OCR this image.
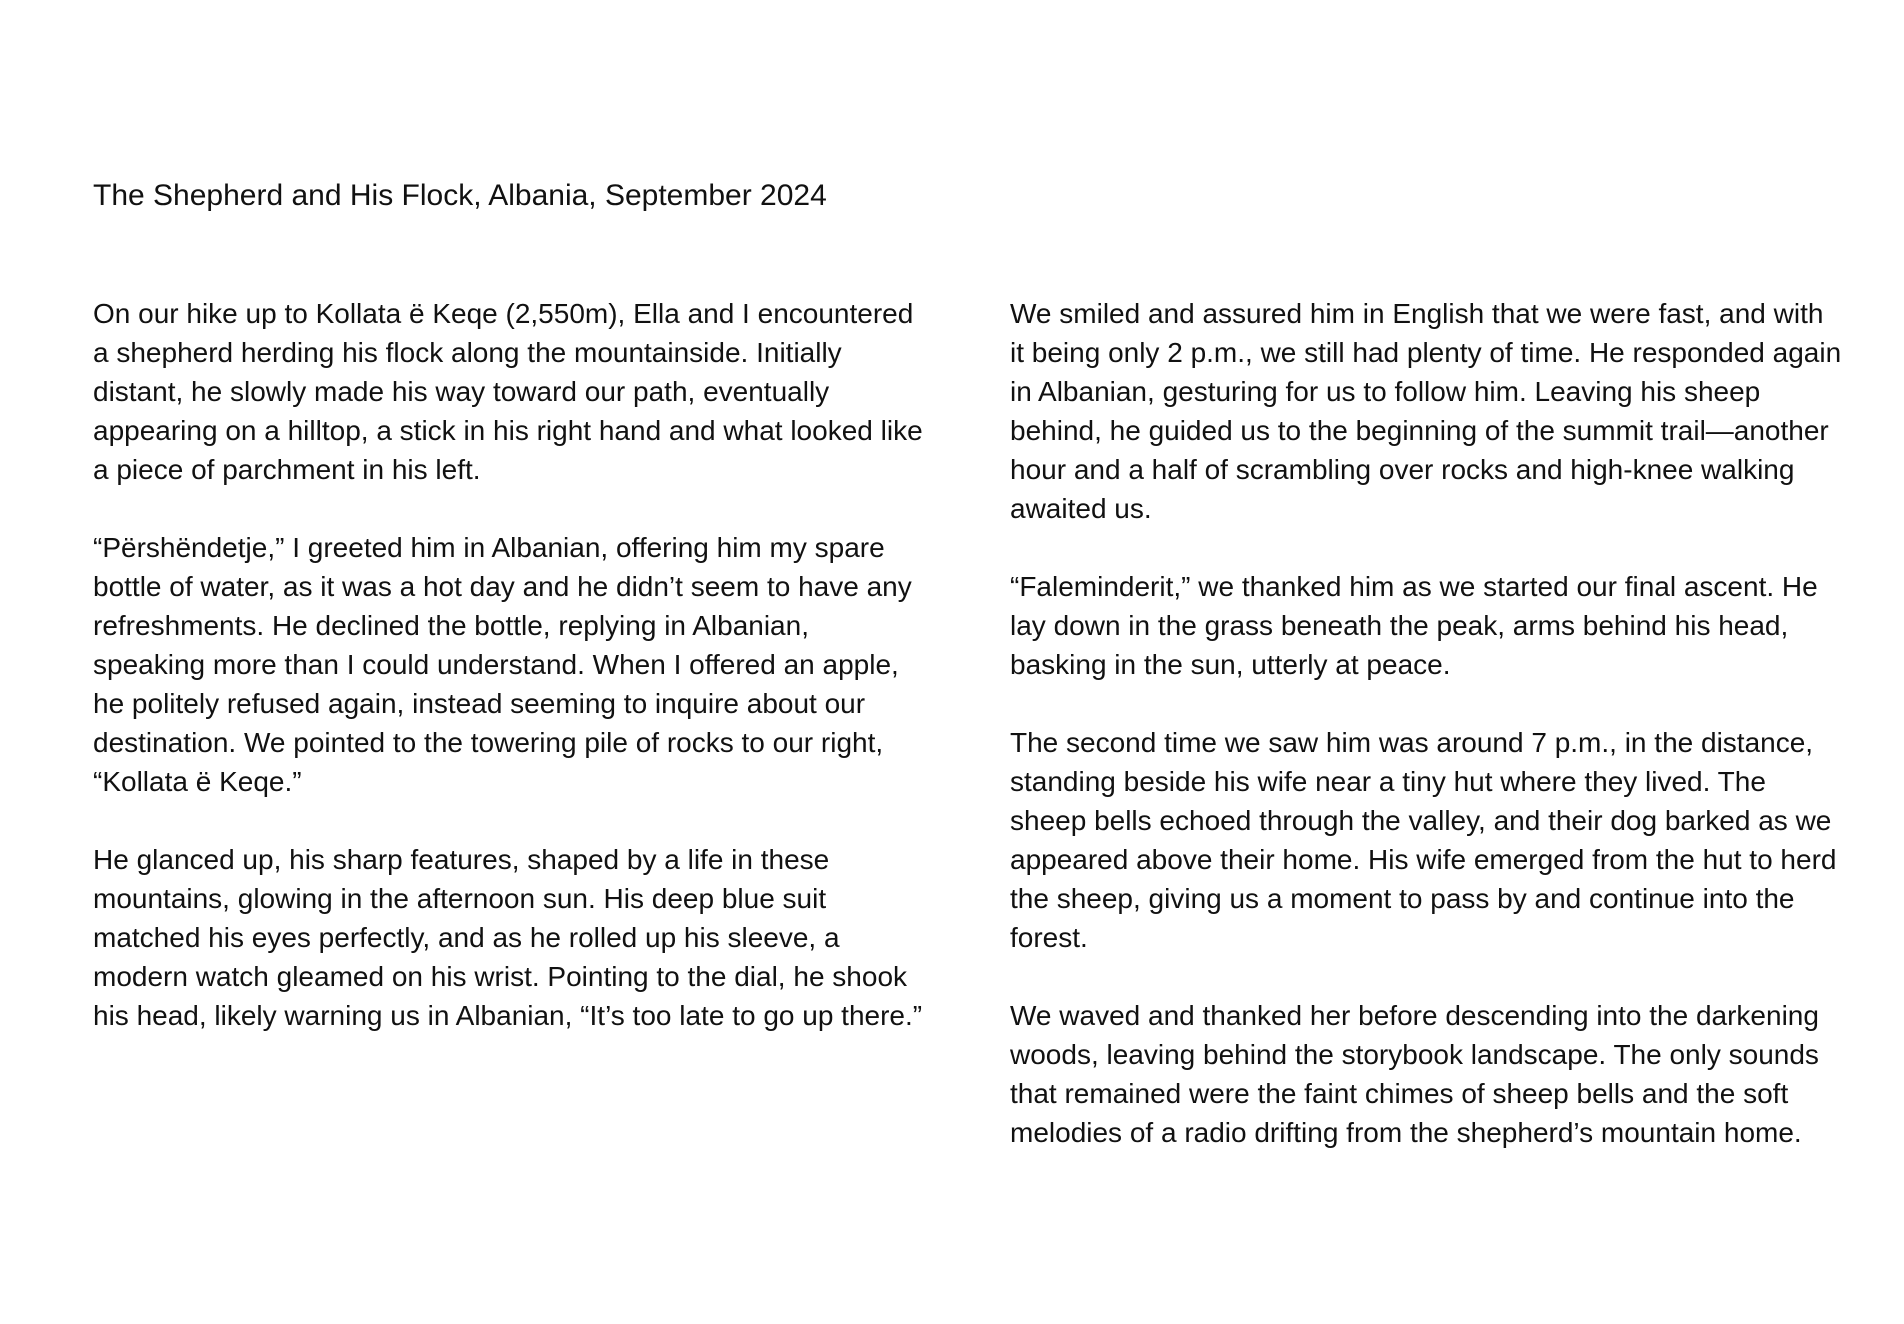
The Shepherd and His Flock, Albania, September 2024

On our hike up to Kollata ë Keqe (2,550m), Ella and I encountered a shepherd herding his flock along the mountainside. Initially distant, he slowly made his way toward our path, eventually appearing on a hilltop, a stick in his right hand and what looked like a piece of parchment in his left.

“Përshëndetje,” I greeted him in Albanian, offering him my spare bottle of water, as it was a hot day and he didn’t seem to have any refreshments. He declined the bottle, replying in Albanian, speaking more than I could understand. When I offered an apple, he politely refused again, instead seeming to inquire about our destination. We pointed to the towering pile of rocks to our right, “Kollata ë Keqe.”

He glanced up, his sharp features, shaped by a life in these mountains, glowing in the afternoon sun. His deep blue suit matched his eyes perfectly, and as he rolled up his sleeve, a modern watch gleamed on his wrist. Pointing to the dial, he shook his head, likely warning us in Albanian, “It’s too late to go up there.”

We smiled and assured him in English that we were fast, and with it being only 2 p.m., we still had plenty of time. He responded again in Albanian, gesturing for us to follow him. Leaving his sheep behind, he guided us to the beginning of the summit trail—another hour and a half of scrambling over rocks and high-knee walking awaited us.

“Faleminderit,” we thanked him as we started our final ascent. He lay down in the grass beneath the peak, arms behind his head, basking in the sun, utterly at peace.

The second time we saw him was around 7 p.m., in the distance, standing beside his wife near a tiny hut where they lived. The sheep bells echoed through the valley, and their dog barked as we appeared above their home. His wife emerged from the hut to herd the sheep, giving us a moment to pass by and continue into the forest.

We waved and thanked her before descending into the darkening woods, leaving behind the storybook landscape. The only sounds that remained were the faint chimes of sheep bells and the soft melodies of a radio drifting from the shepherd’s mountain home.
